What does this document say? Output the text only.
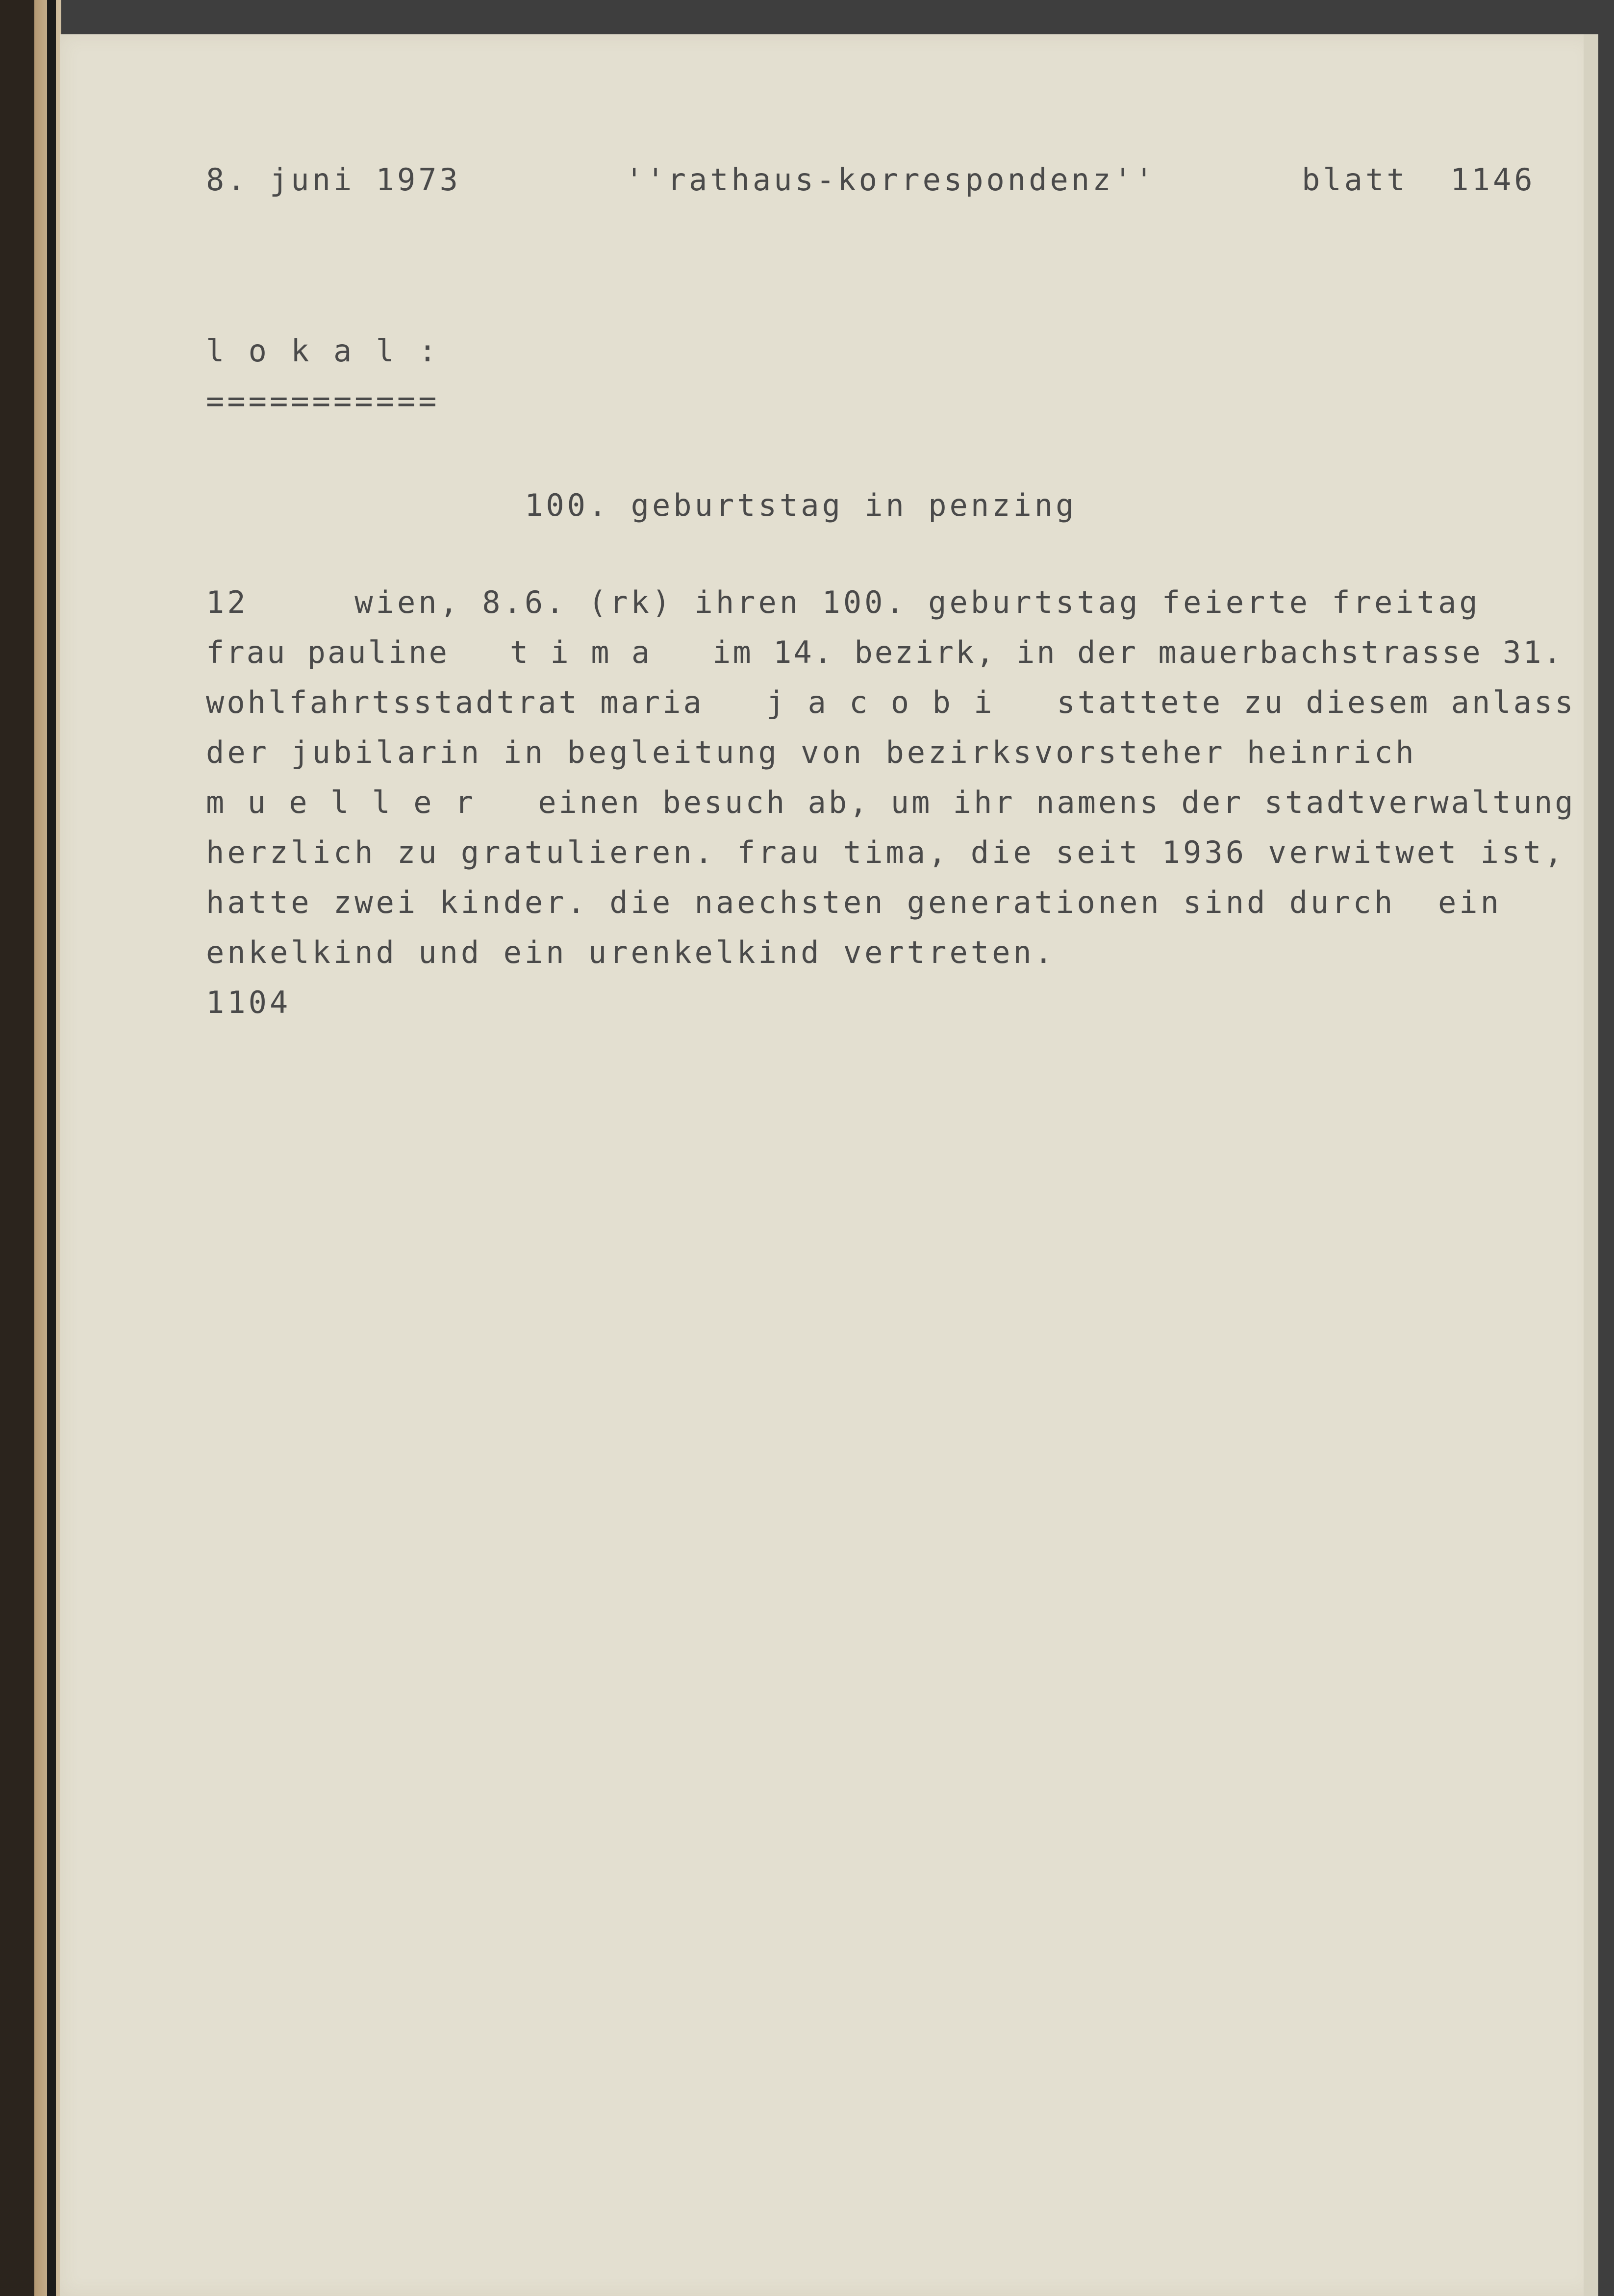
8. juni 1973	''rathaus-korrespondenz''	blatt  1146
l o k a l :
===========
100. geburtstag in penzing
12     wien, 8.6. (rk) ihren 100. geburtstag feierte freitag
frau pauline   t i m a   im 14. bezirk, in der mauerbachstrasse 31.
wohlfahrtsstadtrat maria   j a c o b i   stattete zu diesem anlass
der jubilarin in begleitung von bezirksvorsteher heinrich
m u e l l e r   einen besuch ab, um ihr namens der stadtverwaltung
herzlich zu gratulieren. frau tima, die seit 1936 verwitwet ist,
hatte zwei kinder. die naechsten generationen sind durch  ein
enkelkind und ein urenkelkind vertreten.
1104
